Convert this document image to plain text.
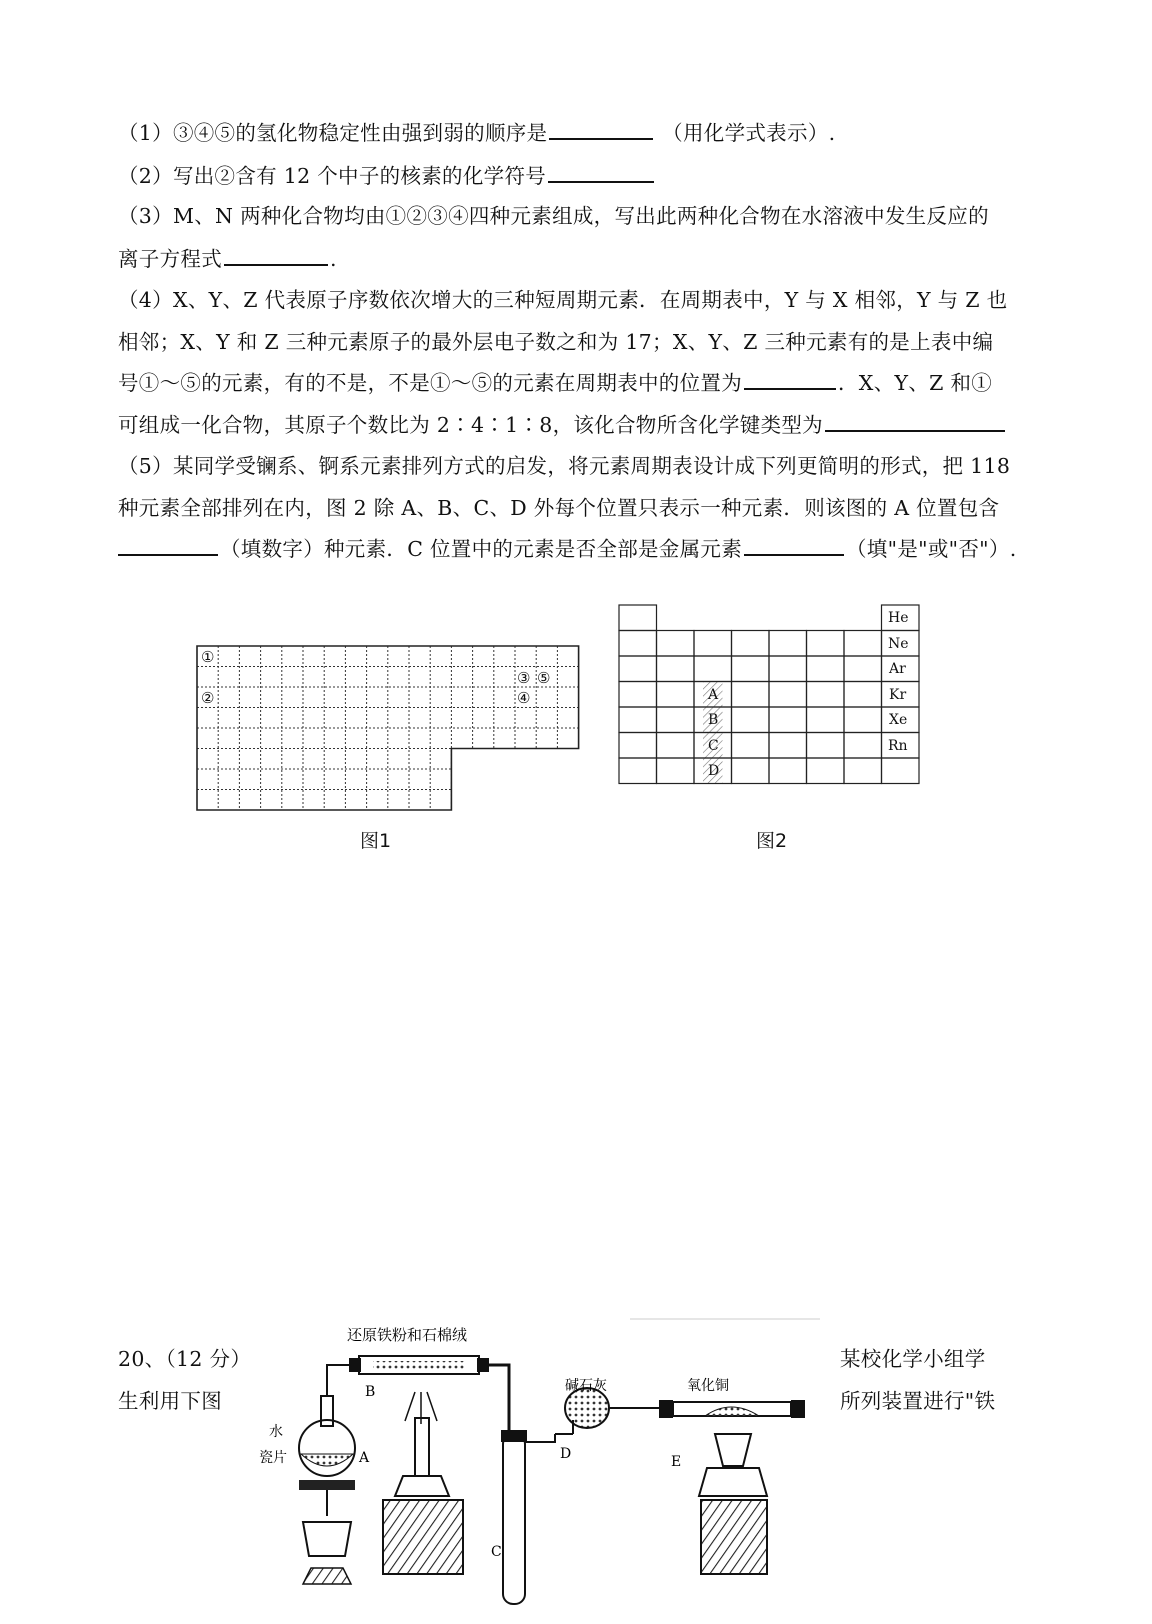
（1）③④⑤的氢化物稳定性由强到弱的顺序是	（用化学式表示）.
（2）写出②含有 12 个中子的核素的化学符号
（3）M、N 两种化合物均由①②③④四种元素组成，写出此两种化合物在水溶液中发生反应的
离子方程式	.
（4）X、Y、Z 代表原子序数依次增大的三种短周期元素．在周期表中，Y 与 X 相邻，Y 与 Z 也
相邻；X、Y 和 Z 三种元素原子的最外层电子数之和为 17；X、Y、Z 三种元素有的是上表中编
号①～⑤的元素，有的不是，不是①～⑤的元素在周期表中的位置为	．X、Y、Z 和①
可组成一化合物，其原子个数比为 2∶4∶1∶8，该化合物所含化学键类型为
（5）某同学受镧系、锕系元素排列方式的启发，将元素周期表设计成下列更简明的形式，把 118
种元素全部排列在内，图 2 除 A、B、C、D 外每个位置只表示一种元素．则该图的 A 位置包含
（填数字）种元素．C 位置中的元素是否全部是金属元素	（填"是"或"否"）.
①
②
③ ⑤
④
图1
He
Ne
Ar
Kr
Xe
Rn
A
B
C
D
图2
20、（12 分）
生利用下图
某校化学小组学
所列装置进行"铁
还原铁粉和石棉绒
B
水
瓷片	A
C
碱石灰
D
氧化铜
E
